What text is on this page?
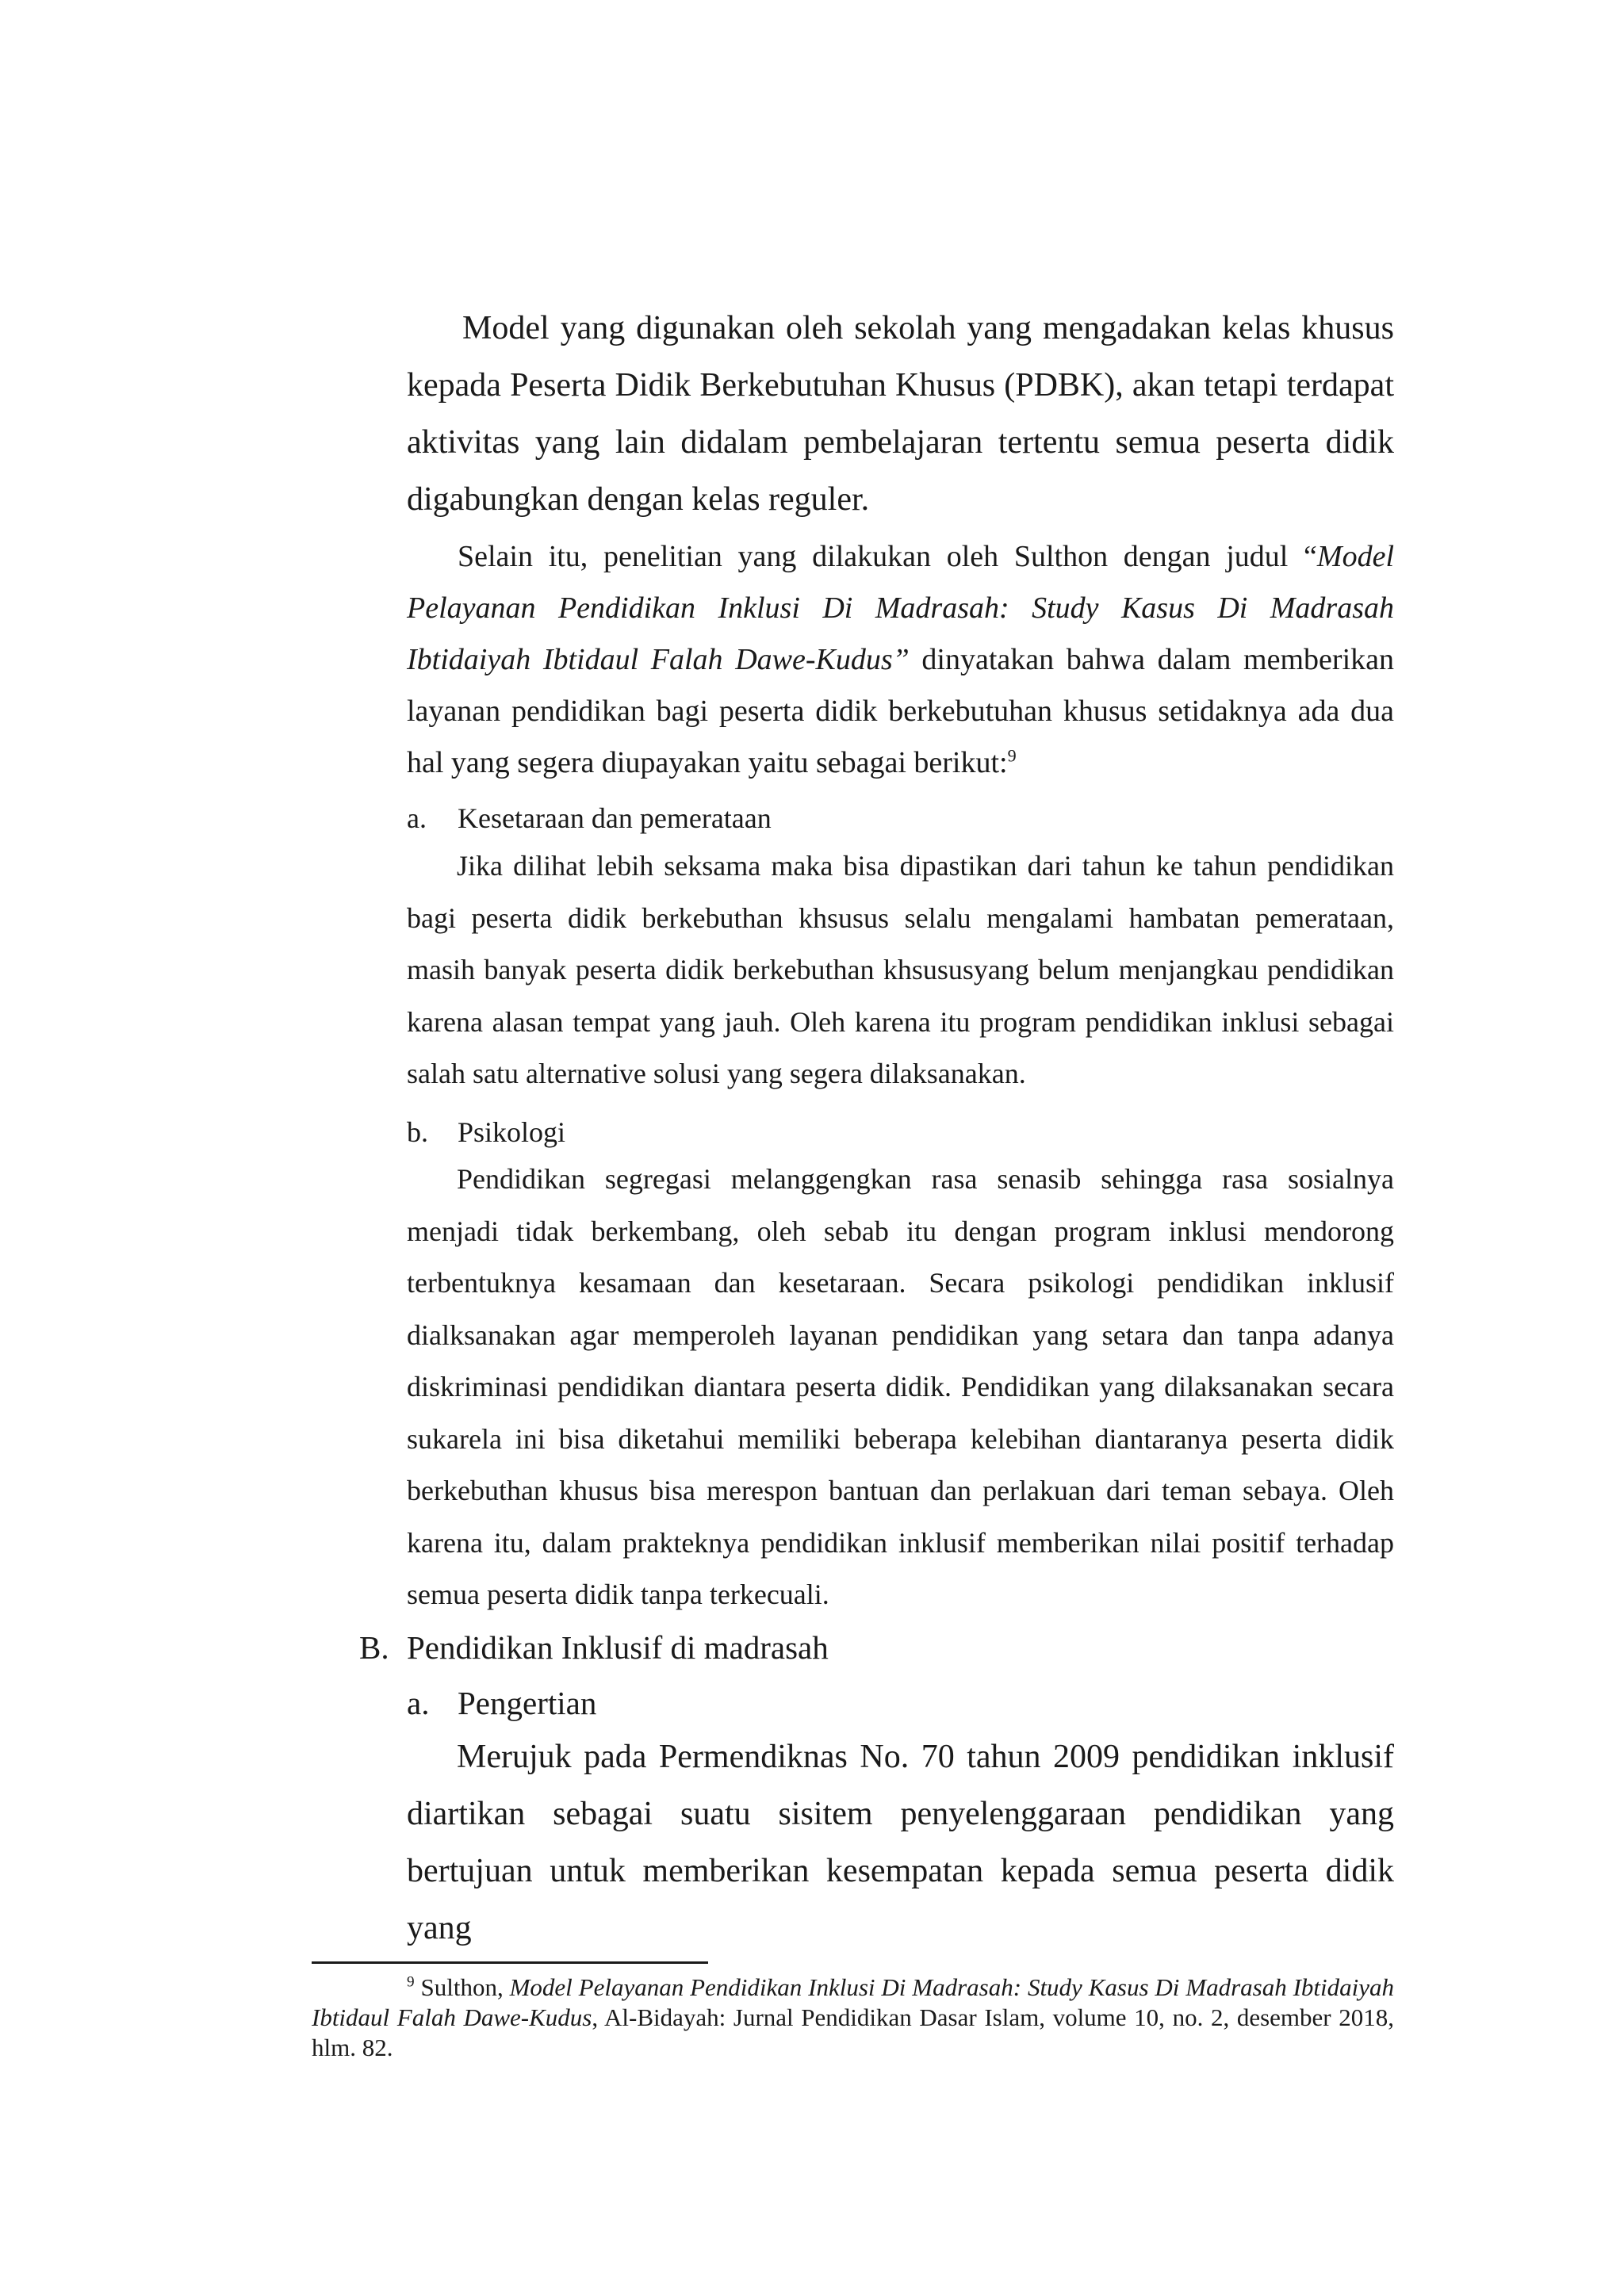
Model yang digunakan oleh sekolah yang mengadakan kelas khusus kepada Peserta Didik Berkebutuhan Khusus (PDBK), akan tetapi terdapat aktivitas yang lain didalam pembelajaran tertentu semua peserta didik digabungkan dengan kelas reguler.

Selain itu, penelitian yang dilakukan oleh Sulthon dengan judul “Model Pelayanan Pendidikan Inklusi Di Madrasah: Study Kasus Di Madrasah Ibtidaiyah Ibtidaul Falah Dawe-Kudus” dinyatakan bahwa dalam memberikan layanan pendidikan bagi peserta didik berkebutuhan khusus setidaknya ada dua hal yang segera diupayakan yaitu sebagai berikut:$^9$

a.	Kesetaraan dan pemerataan

Jika dilihat lebih seksama maka bisa dipastikan dari tahun ke tahun pendidikan bagi peserta didik berkebuthan khsusus selalu mengalami hambatan pemerataan, masih banyak peserta didik berkebuthan khsususyang belum menjangkau pendidikan karena alasan tempat yang jauh. Oleh karena itu program pendidikan inklusi sebagai salah satu alternative solusi yang segera dilaksanakan.

b.	Psikologi

Pendidikan segregasi melanggengkan rasa senasib sehingga rasa sosialnya menjadi tidak berkembang, oleh sebab itu dengan program inklusi mendorong terbentuknya kesamaan dan kesetaraan. Secara psikologi pendidikan inklusif dialksanakan agar memperoleh layanan pendidikan yang setara dan tanpa adanya diskriminasi pendidikan diantara peserta didik. Pendidikan yang dilaksanakan secara sukarela ini bisa diketahui memiliki beberapa kelebihan diantaranya peserta didik berkebuthan khusus bisa merespon bantuan dan perlakuan dari teman sebaya. Oleh karena itu, dalam prakteknya pendidikan inklusif memberikan nilai positif terhadap semua peserta didik tanpa terkecuali.

B. Pendidikan Inklusif di madrasah
a. Pengertian

Merujuk pada Permendiknas No. 70 tahun 2009 pendidikan inklusif diartikan sebagai suatu sisitem penyelenggaraan pendidikan yang bertujuan untuk memberikan kesempatan kepada semua peserta didik yang

$^9$ Sulthon, Model Pelayanan Pendidikan Inklusi Di Madrasah: Study Kasus Di Madrasah Ibtidaiyah Ibtidaul Falah Dawe-Kudus, Al-Bidayah: Jurnal Pendidikan Dasar Islam, volume 10, no. 2, desember 2018, hlm. 82.
